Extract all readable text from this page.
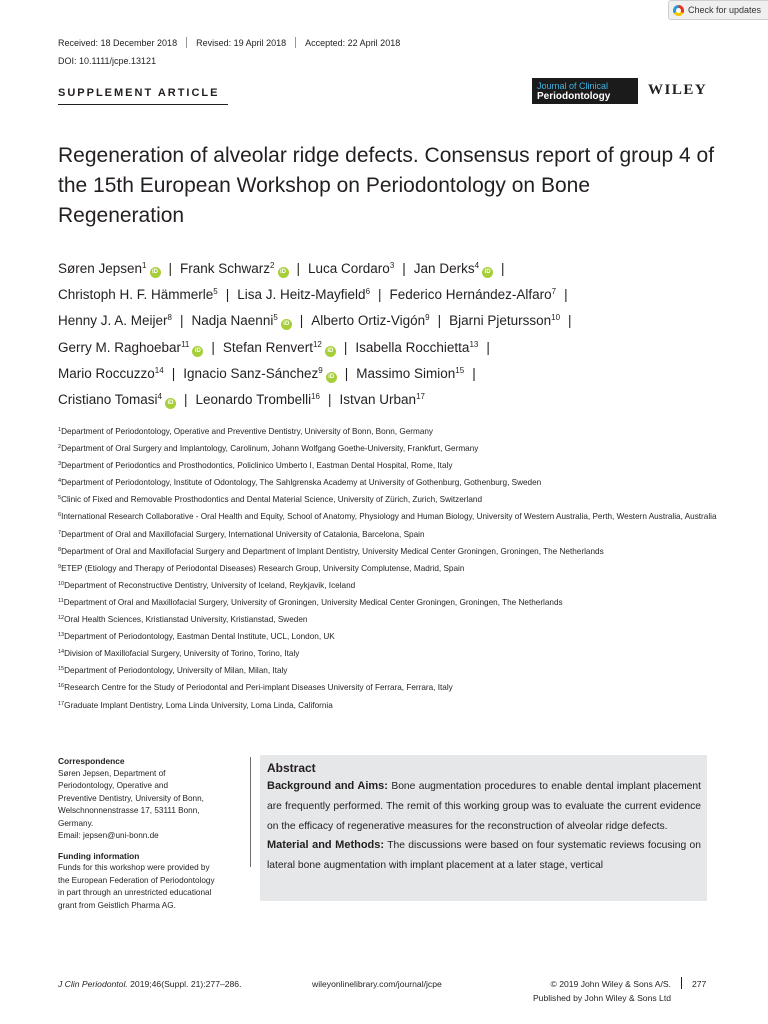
Check for updates
Received: 18 December 2018 Revised: 19 April 2018 Accepted: 22 April 2018
DOI: 10.1111/jcpe.13121
SUPPLEMENT ARTICLE
Journal of Clinical
Periodontology	WILEY
Regeneration of alveolar ridge defects. Consensus report of group 4 of the 15th European Workshop on Periodontology on Bone Regeneration
Søren Jepsen$^1$iD | Frank Schwarz$^2$iD | Luca Cordaro$^3$ | Jan Derks$^4$iD |
Christoph H. F. Hämmerle$^5$ | Lisa J. Heitz-Mayfield$^6$ | Federico Hernández-Alfaro$^7$ |
Henny J. A. Meijer$^8$ | Nadja Naenni$^5$iD | Alberto Ortiz-Vigón$^9$ | Bjarni Pjetursson$^{10}$ |
Gerry M. Raghoebar$^{11}$iD | Stefan Renvert$^{12}$iD | Isabella Rocchietta$^{13}$ |
Mario Roccuzzo$^{14}$ | Ignacio Sanz-Sánchez$^9$iD | Massimo Simion$^{15}$ |
Cristiano Tomasi$^4$iD | Leonardo Trombelli$^{16}$ | Istvan Urban$^{17}$
$^1$Department of Periodontology, Operative and Preventive Dentistry, University of Bonn, Bonn, Germany
$^2$Department of Oral Surgery and Implantology, Carolinum, Johann Wolfgang Goethe-University, Frankfurt, Germany
$^3$Department of Periodontics and Prosthodontics, Policlinico Umberto I, Eastman Dental Hospital, Rome, Italy
$^4$Department of Periodontology, Institute of Odontology, The Sahlgrenska Academy at University of Gothenburg, Gothenburg, Sweden
$^5$Clinic of Fixed and Removable Prosthodontics and Dental Material Science, University of Zürich, Zurich, Switzerland
$^6$International Research Collaborative - Oral Health and Equity, School of Anatomy, Physiology and Human Biology, University of Western Australia, Perth, Western Australia, Australia
$^7$Department of Oral and Maxillofacial Surgery, International University of Catalonia, Barcelona, Spain
$^8$Department of Oral and Maxillofacial Surgery and Department of Implant Dentistry, University Medical Center Groningen, Groningen, The Netherlands
$^9$ETEP (Etiology and Therapy of Periodontal Diseases) Research Group, University Complutense, Madrid, Spain
$^{10}$Department of Reconstructive Dentistry, University of Iceland, Reykjavik, Iceland
$^{11}$Department of Oral and Maxillofacial Surgery, University of Groningen, University Medical Center Groningen, Groningen, The Netherlands
$^{12}$Oral Health Sciences, Kristianstad University, Kristianstad, Sweden
$^{13}$Department of Periodontology, Eastman Dental Institute, UCL, London, UK
$^{14}$Division of Maxillofacial Surgery, University of Torino, Torino, Italy
$^{15}$Department of Periodontology, University of Milan, Milan, Italy
$^{16}$Research Centre for the Study of Periodontal and Peri-implant Diseases University of Ferrara, Ferrara, Italy
$^{17}$Graduate Implant Dentistry, Loma Linda University, Loma Linda, California
Correspondence
Søren Jepsen, Department of
Periodontology, Operative and
Preventive Dentistry, University of Bonn,
Welschnonnenstrasse 17, 53111 Bonn,
Germany.
Email: jepsen@uni-bonn.de
Funding information
Funds for this workshop were provided by
the European Federation of Periodontology
in part through an unrestricted educational
grant from Geistlich Pharma AG.
Abstract

Background and Aims: Bone augmentation procedures to enable dental implant placement are frequently performed. The remit of this working group was to evaluate the current evidence on the efficacy of regenerative measures for the reconstruction of alveolar ridge defects.

Material and Methods: The discussions were based on four systematic reviews focusing on lateral bone augmentation with implant placement at a later stage, vertical

J Clin Periodontol. 2019;46(Suppl. 21):277–286.	wileyonlinelibrary.com/journal/jcpe	© 2019 John Wiley & Sons A/S.
Published by John Wiley & Sons Ltd
277
